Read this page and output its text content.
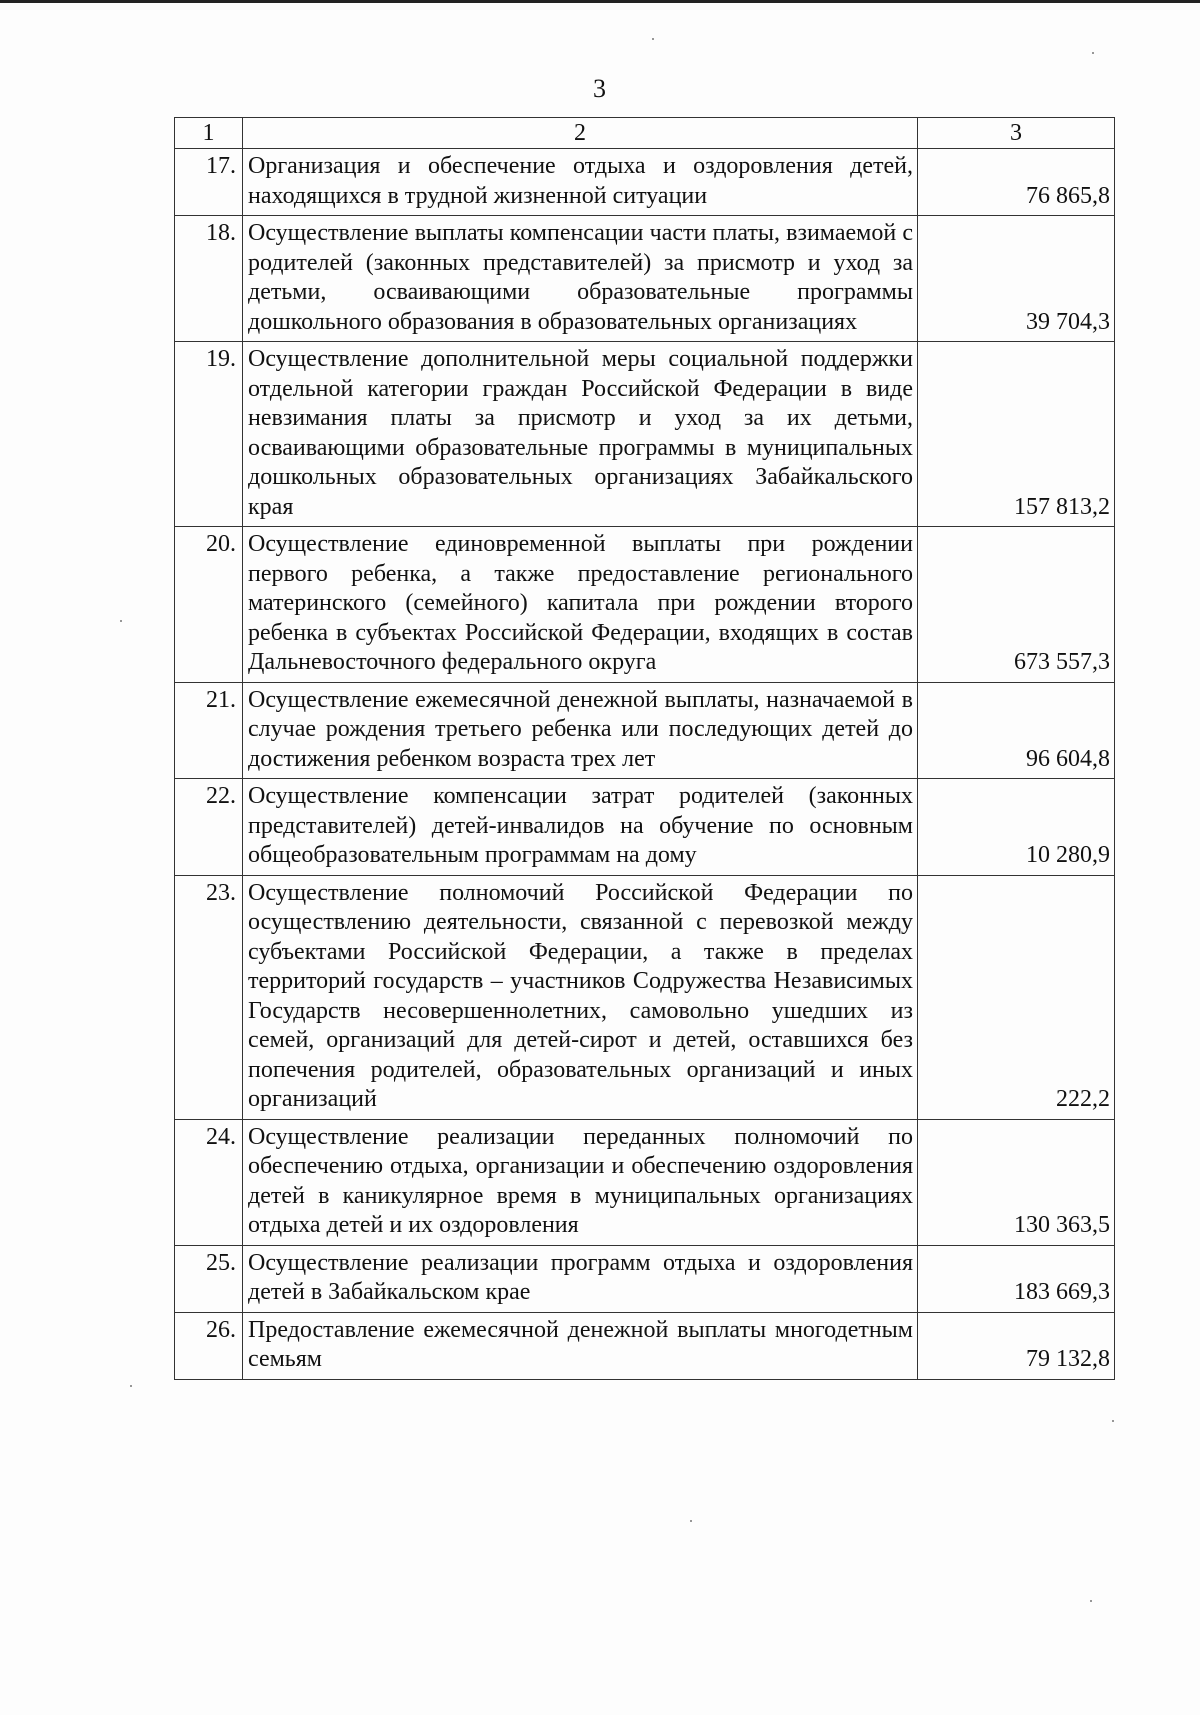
3
1	2	3
17.	Организация и обеспечение отдыха и оздоровления детей, находящихся в трудной жизненной ситуации	76 865,8
18.	Осуществление выплаты компенсации части платы, взимаемой с родителей (законных представителей) за присмотр и уход за детьми, осваивающими образовательные программы дошкольного образования в образовательных организациях	39 704,3
19.	Осуществление дополнительной меры социальной поддержки отдельной категории граждан Российской Федерации в виде невзимания платы за присмотр и уход за их детьми, осваивающими образовательные программы в муниципальных дошкольных образовательных организациях Забайкальского края	157 813,2
20.	Осуществление единовременной выплаты при рождении первого ребенка, а также предоставление регионального материнского (семейного) капитала при рождении второго ребенка в субъектах Российской Федерации, входящих в состав Дальневосточного федерального округа	673 557,3
21.	Осуществление ежемесячной денежной выплаты, назначаемой в случае рождения третьего ребенка или последующих детей до достижения ребенком возраста трех лет	96 604,8
22.	Осуществление компенсации затрат родителей (законных представителей) детей-инвалидов на обучение по основным общеобразовательным программам на дому	10 280,9
23.	Осуществление полномочий Российской Федерации по осуществлению деятельности, связанной с перевозкой между субъектами Российской Федерации, а также в пределах территорий государств – участников Содружества Независимых Государств несовершеннолетних, самовольно ушедших из семей, организаций для детей-сирот и детей, оставшихся без попечения родителей, образовательных организаций и иных организаций	222,2
24.	Осуществление реализации переданных полномочий по обеспечению отдыха, организации и обеспечению оздоровления детей в каникулярное время в муниципальных организациях отдыха детей и их оздоровления	130 363,5
25.	Осуществление реализации программ отдыха и оздоровления детей в Забайкальском крае	183 669,3
26.	Предоставление ежемесячной денежной выплаты многодетным семьям	79 132,8
